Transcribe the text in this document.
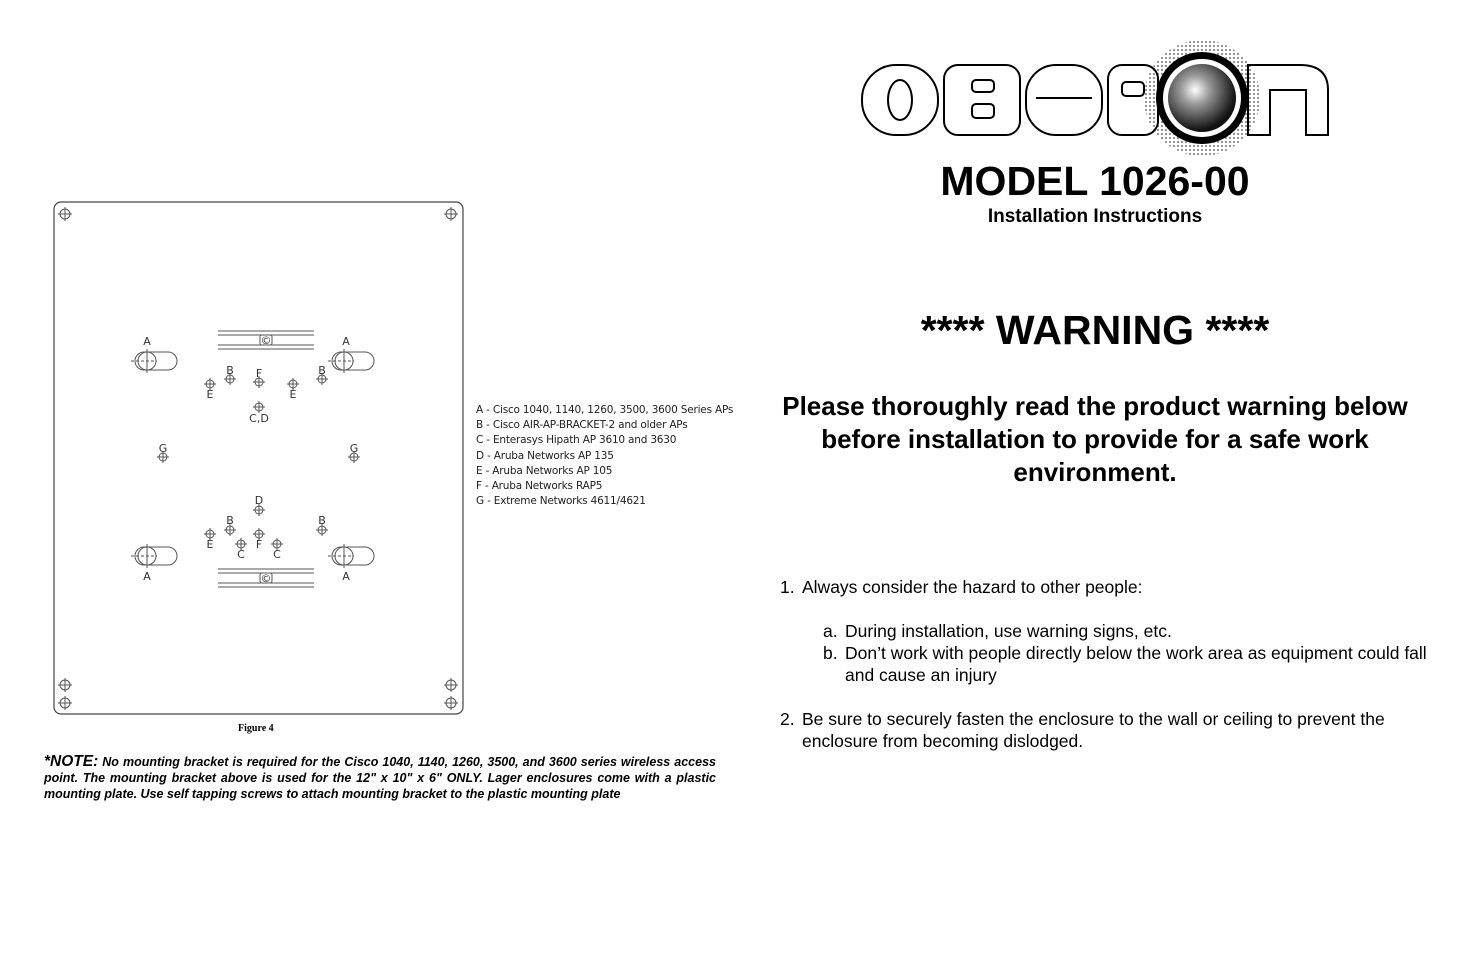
©
A	A
B
E
F
E
B
C,D
G	G
D
B
E	F
B
C	C
A	A
©
Figure 4
A - Cisco 1040, 1140, 1260, 3500, 3600 Series APs
B - Cisco AIR-AP-BRACKET-2 and older APs
C - Enterasys Hipath AP 3610 and 3630
D - Aruba Networks AP 135
E - Aruba Networks AP 105
F - Aruba Networks RAP5
G - Extreme Networks 4611/4621
*NOTE: No mounting bracket is required for the Cisco 1040, 1140, 1260, 3500, and 3600 series wireless access point. The mounting bracket above is used for the 12" x 10" x 6" ONLY. Lager enclosures come with a plastic mounting plate. Use self tapping screws to attach mounting bracket to the plastic mounting plate
MODEL 1026-00
Installation Instructions
**** WARNING ****
Please thoroughly read the product warning below before installation to provide for a safe work environment.
1. Always consider the hazard to other people:
a. During installation, use warning signs, etc.
b. Don’t work with people directly below the work area as equipment could fall and cause an injury
2. Be sure to securely fasten the enclosure to the wall or ceiling to prevent the enclosure from becoming dislodged.
